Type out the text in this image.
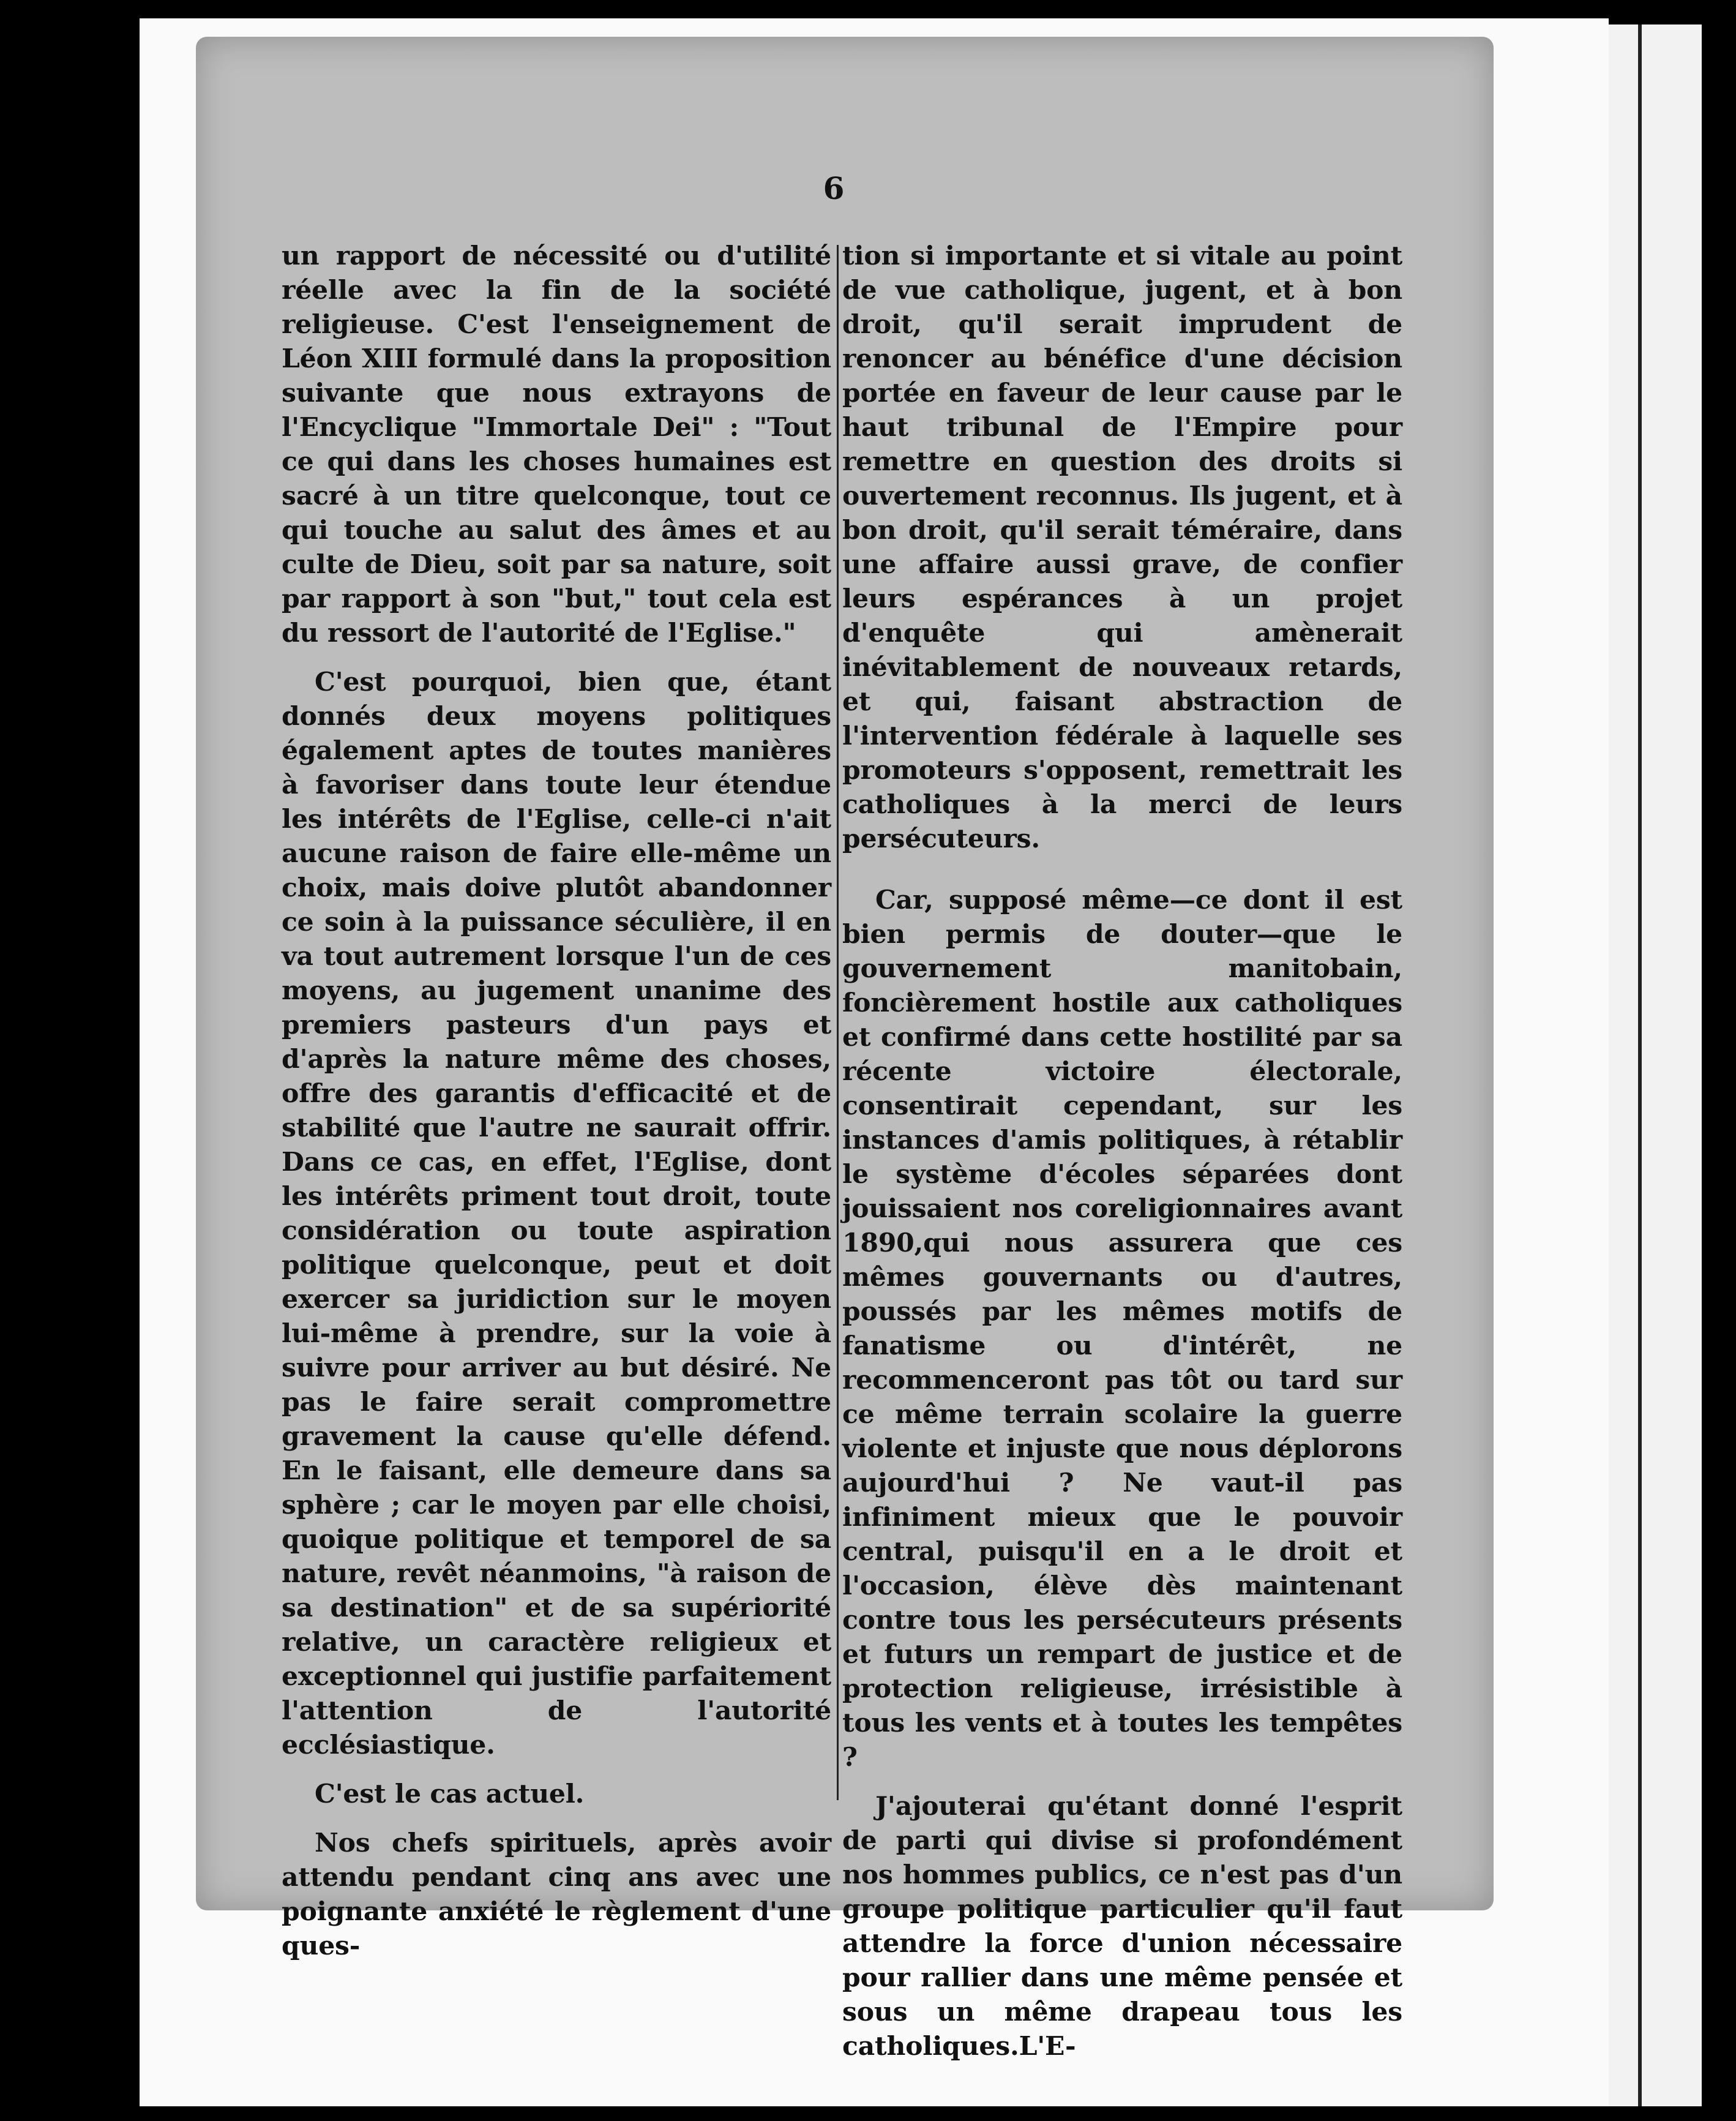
6

un rapport de nécessité ou d'utilité réelle avec la fin de la société religieuse. C'est l'enseignement de Léon XIII formulé dans la proposition suivante que nous extrayons de l'Encyclique "Immortale Dei" : "Tout ce qui dans les choses humaines est sacré à un titre quelconque, tout ce qui touche au salut des âmes et au culte de Dieu, soit par sa nature, soit par rapport à son "but," tout cela est du ressort de l'autorité de l'Eglise."

C'est pourquoi, bien que, étant donnés deux moyens politiques également aptes de toutes manières à favoriser dans toute leur étendue les intérêts de l'Eglise, celle-ci n'ait aucune raison de faire elle-même un choix, mais doive plutôt abandonner ce soin à la puissance séculière, il en va tout autrement lorsque l'un de ces moyens, au jugement unanime des premiers pasteurs d'un pays et d'après la nature même des choses, offre des garantis d'efficacité et de stabilité que l'autre ne saurait offrir. Dans ce cas, en effet, l'Eglise, dont les intérêts priment tout droit, toute considération ou toute aspiration politique quelconque, peut et doit exercer sa juridiction sur le moyen lui-même à prendre, sur la voie à suivre pour arriver au but désiré. Ne pas le faire serait compromettre gravement la cause qu'elle défend. En le faisant, elle demeure dans sa sphère ; car le moyen par elle choisi, quoique politique et temporel de sa nature, revêt néanmoins, "à raison de sa destination" et de sa supériorité relative, un caractère religieux et exceptionnel qui justifie parfaitement l'attention de l'autorité ecclésiastique.

C'est le cas actuel.

Nos chefs spirituels, après avoir attendu pendant cinq ans avec une poignante anxiété le règlement d'une ques-

tion si importante et si vitale au point de vue catholique, jugent, et à bon droit, qu'il serait imprudent de renoncer au bénéfice d'une décision portée en faveur de leur cause par le haut tribunal de l'Empire pour remettre en question des droits si ouvertement reconnus. Ils jugent, et à bon droit, qu'il serait téméraire, dans une affaire aussi grave, de confier leurs espérances à un projet d'enquête qui amènerait inévitablement de nouveaux retards, et qui, faisant abstraction de l'intervention fédérale à laquelle ses promoteurs s'opposent, remettrait les catholiques à la merci de leurs persécuteurs.

Car, supposé même—ce dont il est bien permis de douter—que le gouvernement manitobain, foncièrement hostile aux catholiques et confirmé dans cette hostilité par sa récente victoire électorale, consentirait cependant, sur les instances d'amis politiques, à rétablir le système d'écoles séparées dont jouissaient nos coreligionnaires avant 1890,qui nous assurera que ces mêmes gouvernants ou d'autres, poussés par les mêmes motifs de fanatisme ou d'intérêt, ne recommenceront pas tôt ou tard sur ce même terrain scolaire la guerre violente et injuste que nous déplorons aujourd'hui ? Ne vaut-il pas infiniment mieux que le pouvoir central, puisqu'il en a le droit et l'occasion, élève dès maintenant contre tous les persécuteurs présents et futurs un rempart de justice et de protection religieuse, irrésistible à tous les vents et à toutes les tempêtes ?

J'ajouterai qu'étant donné l'esprit de parti qui divise si profondément nos hommes publics, ce n'est pas d'un groupe politique particulier qu'il faut attendre la force d'union nécessaire pour rallier dans une même pensée et sous un même drapeau tous les catholiques.L'E-
